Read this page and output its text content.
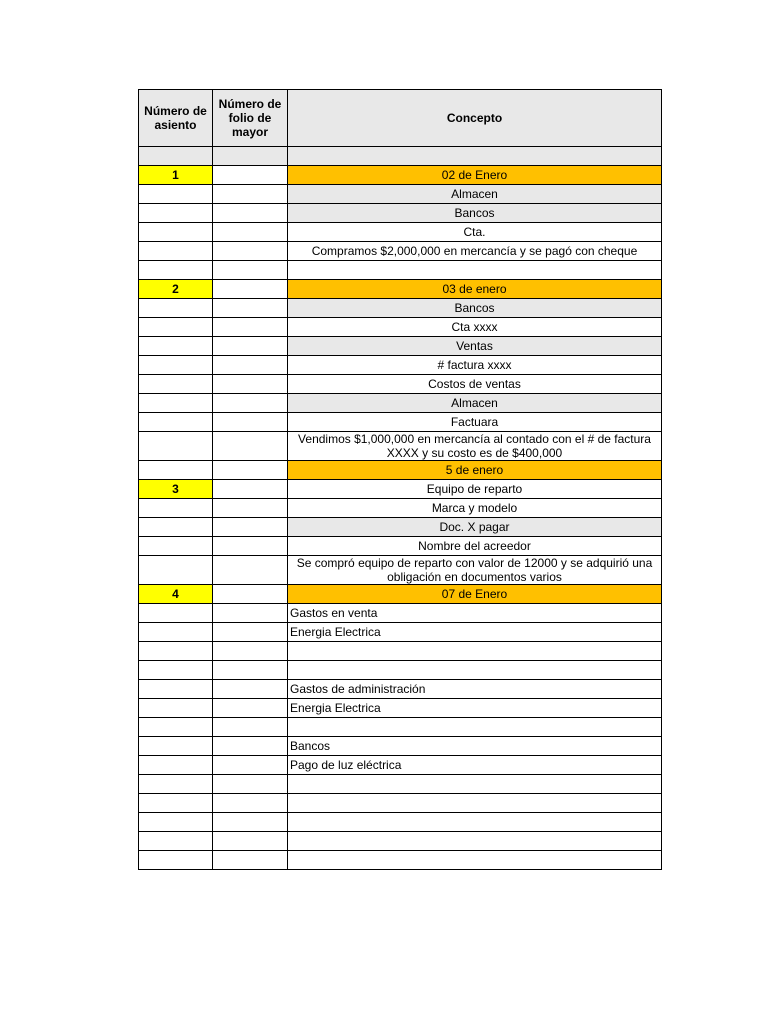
Número de asiento	Número de folio de mayor	Concepto

1		02 de Enero
		Almacen
		Bancos
		Cta.
		Compramos $2,000,000 en mercancía y se pagó con cheque

2		03 de enero
		Bancos
		Cta xxxx
		Ventas
		# factura xxxx
		Costos de ventas
		Almacen
		Factuara
		Vendimos $1,000,000 en mercancía al contado con el # de factura XXXX y su costo es de $400,000
		5 de enero
3		Equipo de reparto
		Marca y modelo
		Doc. X pagar
		Nombre del acreedor
		Se compró equipo de reparto con valor de 12000 y se adquirió una obligación en documentos varios
4		07 de Enero
		Gastos en venta
		Energia Electrica

		Gastos de administración
		Energia Electrica

		Bancos
		Pago de luz eléctrica
